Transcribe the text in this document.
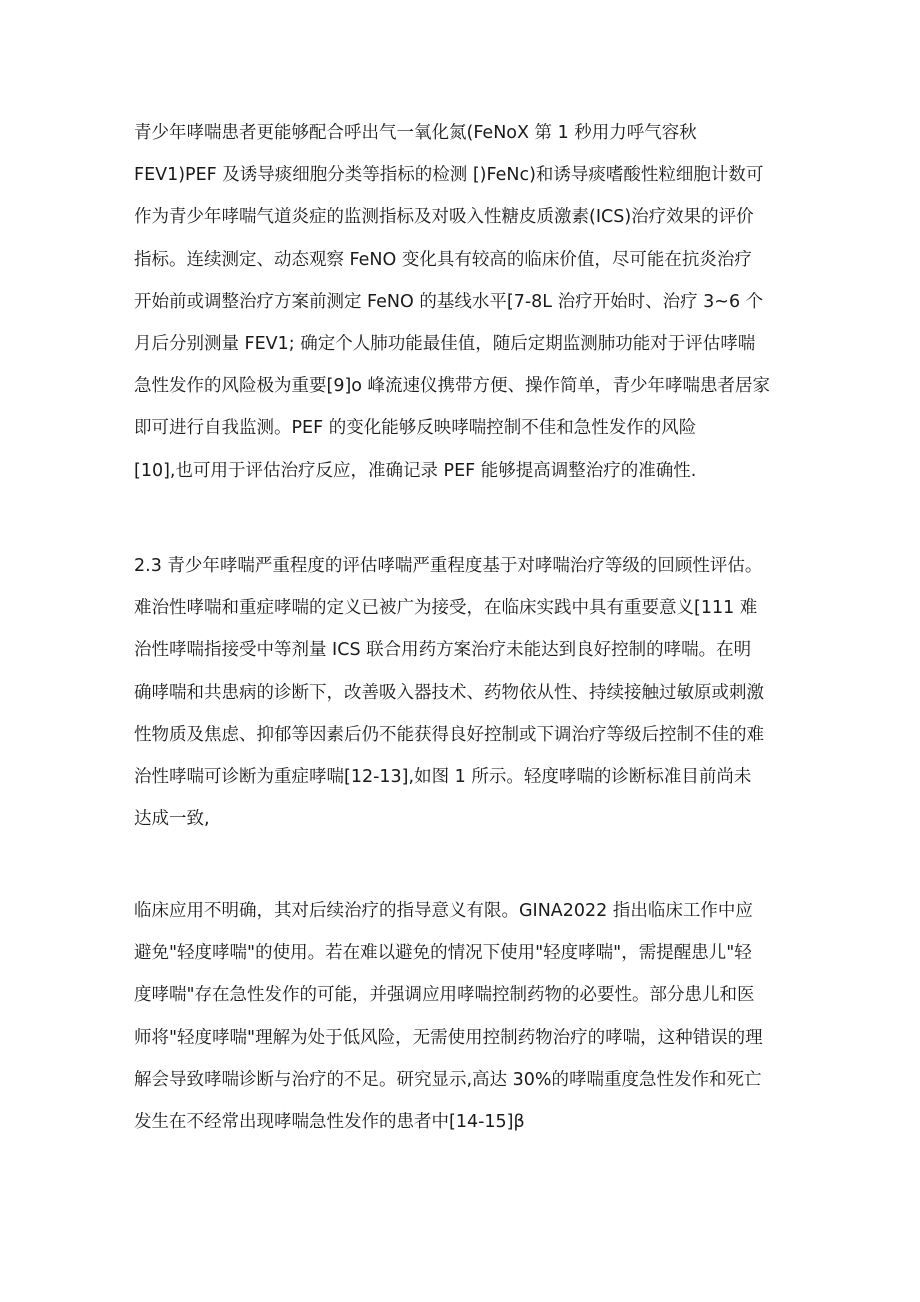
青少年哮喘患者更能够配合呼出气一氧化氮(FeNoX 第 1 秒用力呼气容秋
FEV1)PEF 及诱导痰细胞分类等指标的检测 [)FeNc)和诱导痰嗜酸性粒细胞计数可
作为青少年哮喘气道炎症的监测指标及对吸入性糖皮质激素(ICS)治疗效果的评价
指标。连续测定、动态观察 FeNO 变化具有较高的临床价值，尽可能在抗炎治疗
开始前或调整治疗方案前测定 FeNO 的基线水平[7-8L 治疗开始时、治疗 3~6 个
月后分别测量 FEV1; 确定个人肺功能最佳值，随后定期监测肺功能对于评估哮喘
急性发作的风险极为重要[9]o 峰流速仪携带方便、操作简单，青少年哮喘患者居家
即可进行自我监测。PEF 的变化能够反映哮喘控制不佳和急性发作的风险
[10],也可用于评估治疗反应，准确记录 PEF 能够提高调整治疗的准确性.
2.3 青少年哮喘严重程度的评估哮喘严重程度基于对哮喘治疗等级的回顾性评估。
难治性哮喘和重症哮喘的定义已被广为接受，在临床实践中具有重要意义[111 难
治性哮喘指接受中等剂量 ICS 联合用药方案治疗未能达到良好控制的哮喘。在明
确哮喘和共患病的诊断下，改善吸入器技术、药物依从性、持续接触过敏原或刺激
性物质及焦虑、抑郁等因素后仍不能获得良好控制或下调治疗等级后控制不佳的难
治性哮喘可诊断为重症哮喘[12-13],如图 1 所示。轻度哮喘的诊断标准目前尚未
达成一致,
临床应用不明确，其对后续治疗的指导意义有限。GINA2022 指出临床工作中应
避免"轻度哮喘"的使用。若在难以避免的情况下使用"轻度哮喘"，需提醒患儿"轻
度哮喘"存在急性发作的可能，并强调应用哮喘控制药物的必要性。部分患儿和医
师将"轻度哮喘"理解为处于低风险，无需使用控制药物治疗的哮喘，这种错误的理
解会导致哮喘诊断与治疗的不足。研究显示,高达 30%的哮喘重度急性发作和死亡
发生在不经常出现哮喘急性发作的患者中[14-15]β
